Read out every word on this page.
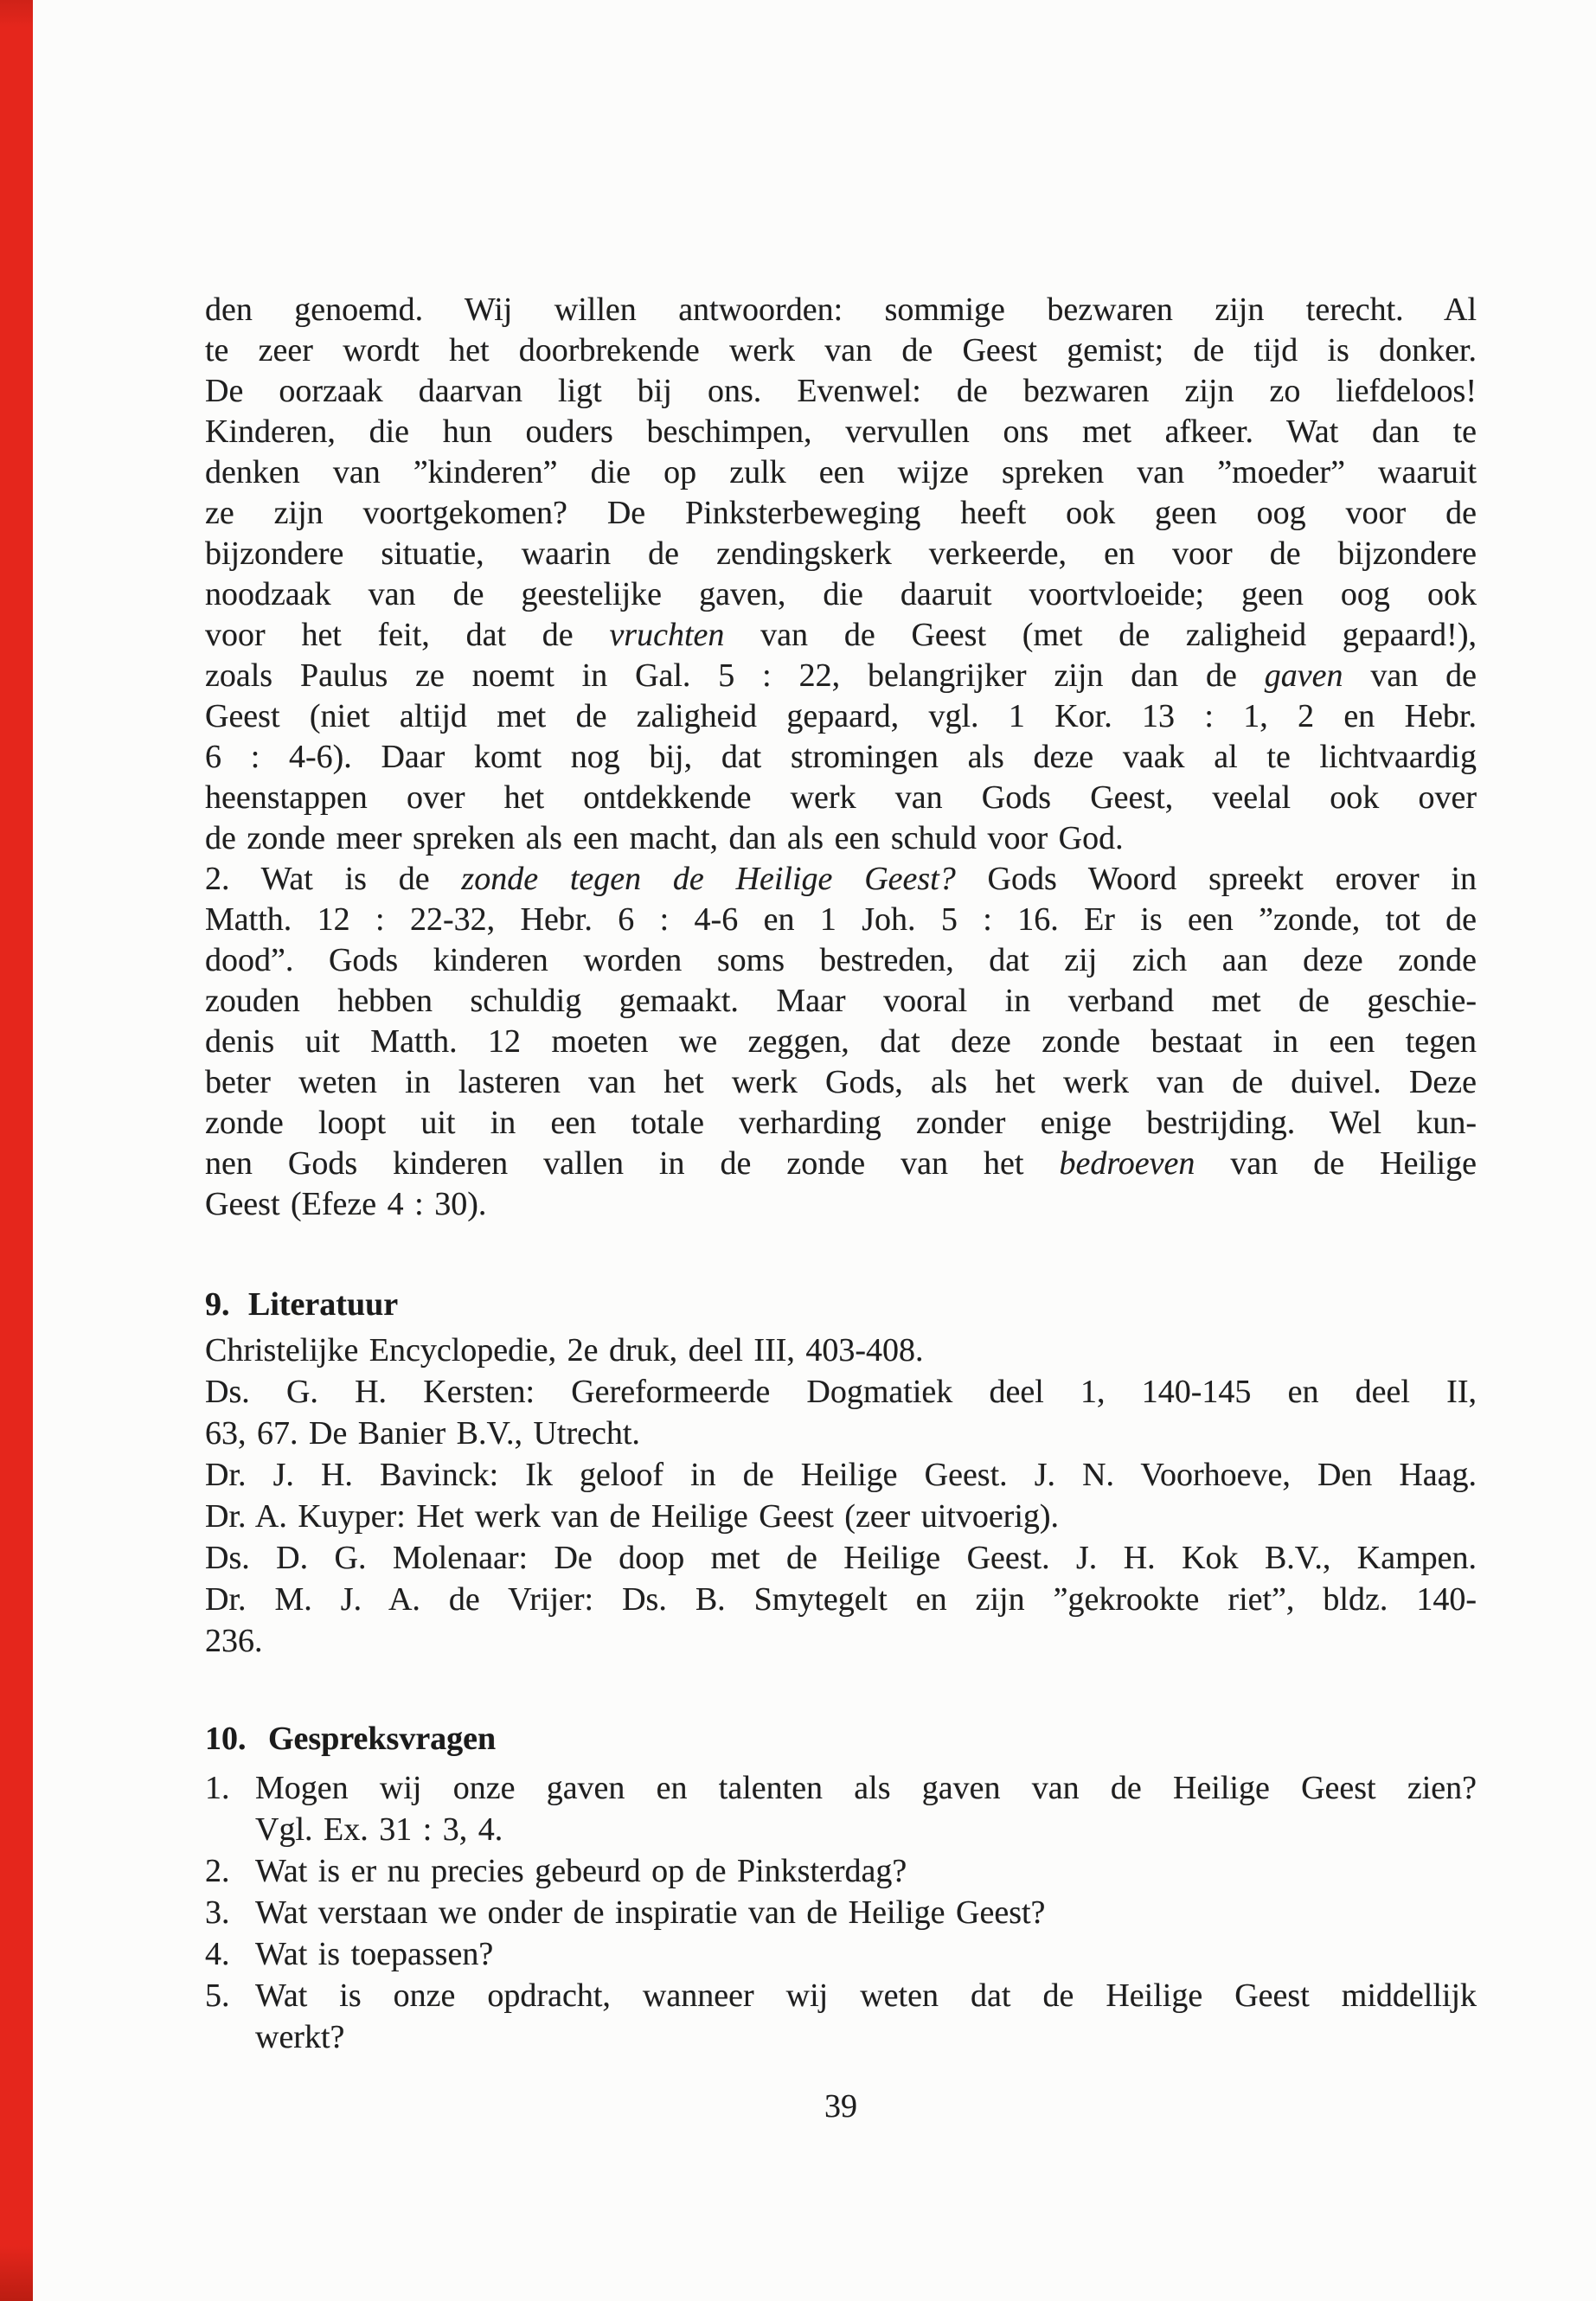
den genoemd. Wij willen antwoorden: sommige bezwaren zijn terecht. Al
te zeer wordt het doorbrekende werk van de Geest gemist; de tijd is donker.
De oorzaak daarvan ligt bij ons. Evenwel: de bezwaren zijn zo liefdeloos!
Kinderen, die hun ouders beschimpen, vervullen ons met afkeer. Wat dan te
denken van ”kinderen” die op zulk een wijze spreken van ”moeder” waaruit
ze zijn voortgekomen? De Pinksterbeweging heeft ook geen oog voor de
bijzondere situatie, waarin de zendingskerk verkeerde, en voor de bijzondere
noodzaak van de geestelijke gaven, die daaruit voortvloeide; geen oog ook
voor het feit, dat de vruchten van de Geest (met de zaligheid gepaard!),
zoals Paulus ze noemt in Gal. 5 : 22, belangrijker zijn dan de gaven van de
Geest (niet altijd met de zaligheid gepaard, vgl. 1 Kor. 13 : 1, 2 en Hebr.
6 : 4-6). Daar komt nog bij, dat stromingen als deze vaak al te lichtvaardig
heenstappen over het ontdekkende werk van Gods Geest, veelal ook over
de zonde meer spreken als een macht, dan als een schuld voor God.
2. Wat is de zonde tegen de Heilige Geest? Gods Woord spreekt erover in
Matth. 12 : 22-32, Hebr. 6 : 4-6 en 1 Joh. 5 : 16. Er is een ”zonde, tot de
dood”. Gods kinderen worden soms bestreden, dat zij zich aan deze zonde
zouden hebben schuldig gemaakt. Maar vooral in verband met de geschie-
denis uit Matth. 12 moeten we zeggen, dat deze zonde bestaat in een tegen
beter weten in lasteren van het werk Gods, als het werk van de duivel. Deze
zonde loopt uit in een totale verharding zonder enige bestrijding. Wel kun-
nen Gods kinderen vallen in de zonde van het bedroeven van de Heilige
Geest (Efeze 4 : 30).
9. Literatuur
Christelijke Encyclopedie, 2e druk, deel III, 403-408.
Ds. G. H. Kersten: Gereformeerde Dogmatiek deel 1, 140-145 en deel II,
63, 67. De Banier B.V., Utrecht.
Dr. J. H. Bavinck: Ik geloof in de Heilige Geest. J. N. Voorhoeve, Den Haag.
Dr. A. Kuyper: Het werk van de Heilige Geest (zeer uitvoerig).
Ds. D. G. Molenaar: De doop met de Heilige Geest. J. H. Kok B.V., Kampen.
Dr. M. J. A. de Vrijer: Ds. B. Smytegelt en zijn ”gekrookte riet”, bldz. 140-
236.
10. Gespreksvragen
1. Mogen wij onze gaven en talenten als gaven van de Heilige Geest zien?
Vgl. Ex. 31 : 3, 4.
2. Wat is er nu precies gebeurd op de Pinksterdag?
3. Wat verstaan we onder de inspiratie van de Heilige Geest?
4. Wat is toepassen?
5. Wat is onze opdracht, wanneer wij weten dat de Heilige Geest middellijk
werkt?
39
